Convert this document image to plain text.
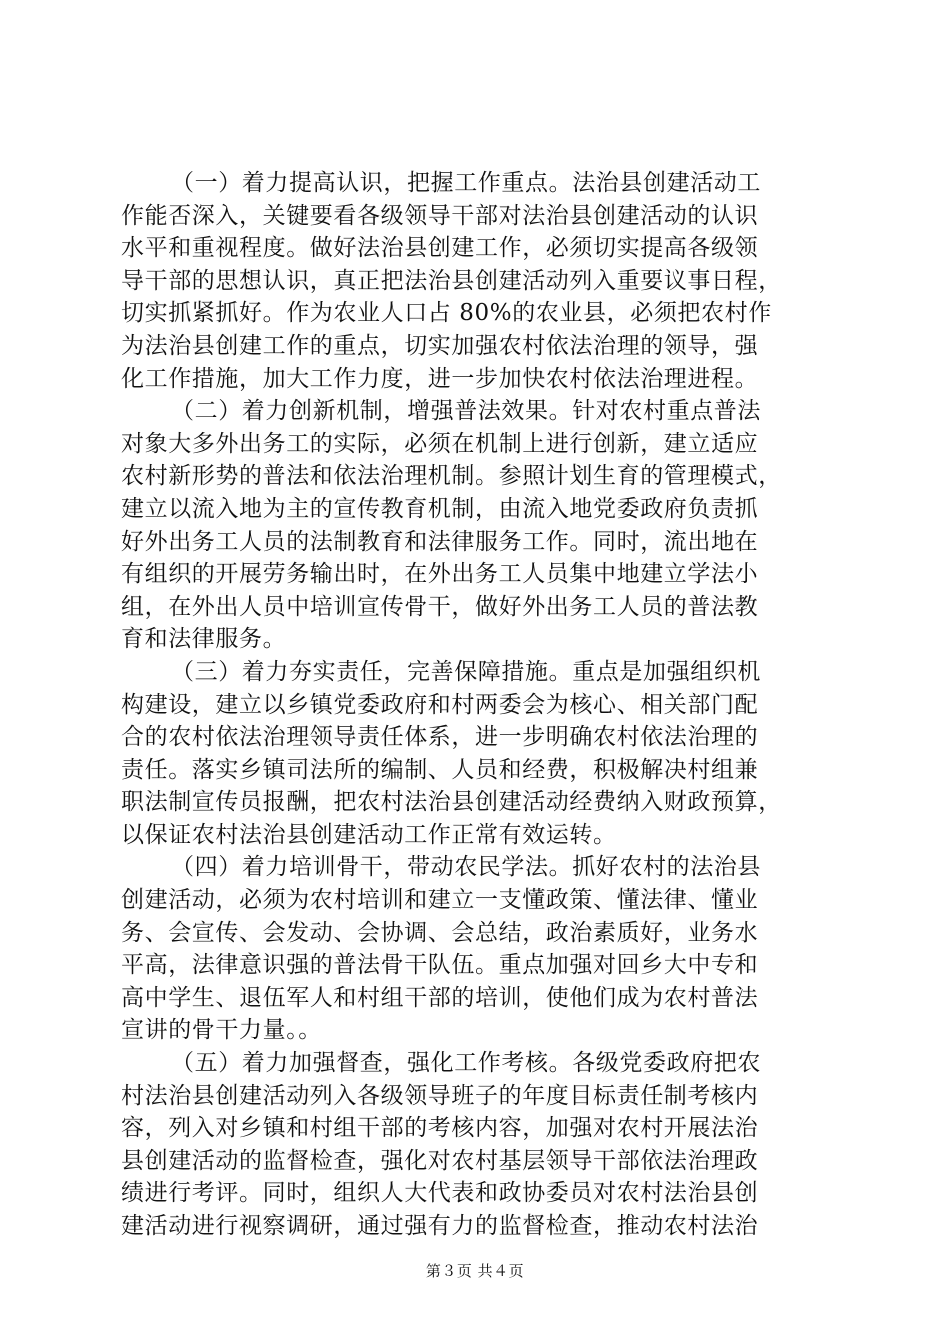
（一）着力提高认识，把握工作重点。法治县创建活动工
作能否深入，关键要看各级领导干部对法治县创建活动的认识
水平和重视程度。做好法治县创建工作，必须切实提高各级领
导干部的思想认识，真正把法治县创建活动列入重要议事日程，
切实抓紧抓好。作为农业人口占 80%的农业县，必须把农村作
为法治县创建工作的重点，切实加强农村依法治理的领导，强
化工作措施，加大工作力度，进一步加快农村依法治理进程。
（二）着力创新机制，增强普法效果。针对农村重点普法
对象大多外出务工的实际，必须在机制上进行创新，建立适应
农村新形势的普法和依法治理机制。参照计划生育的管理模式，
建立以流入地为主的宣传教育机制，由流入地党委政府负责抓
好外出务工人员的法制教育和法律服务工作。同时，流出地在
有组织的开展劳务输出时，在外出务工人员集中地建立学法小
组，在外出人员中培训宣传骨干，做好外出务工人员的普法教
育和法律服务。
（三）着力夯实责任，完善保障措施。重点是加强组织机
构建设，建立以乡镇党委政府和村两委会为核心、相关部门配
合的农村依法治理领导责任体系，进一步明确农村依法治理的
责任。落实乡镇司法所的编制、人员和经费，积极解决村组兼
职法制宣传员报酬，把农村法治县创建活动经费纳入财政预算，
以保证农村法治县创建活动工作正常有效运转。
（四）着力培训骨干，带动农民学法。抓好农村的法治县
创建活动，必须为农村培训和建立一支懂政策、懂法律、懂业
务、会宣传、会发动、会协调、会总结，政治素质好，业务水
平高，法律意识强的普法骨干队伍。重点加强对回乡大中专和
高中学生、退伍军人和村组干部的培训，使他们成为农村普法
宣讲的骨干力量。。
（五）着力加强督查，强化工作考核。各级党委政府把农
村法治县创建活动列入各级领导班子的年度目标责任制考核内
容，列入对乡镇和村组干部的考核内容，加强对农村开展法治
县创建活动的监督检查，强化对农村基层领导干部依法治理政
绩进行考评。同时，组织人大代表和政协委员对农村法治县创
建活动进行视察调研，通过强有力的监督检查，推动农村法治
第３页 共４页
